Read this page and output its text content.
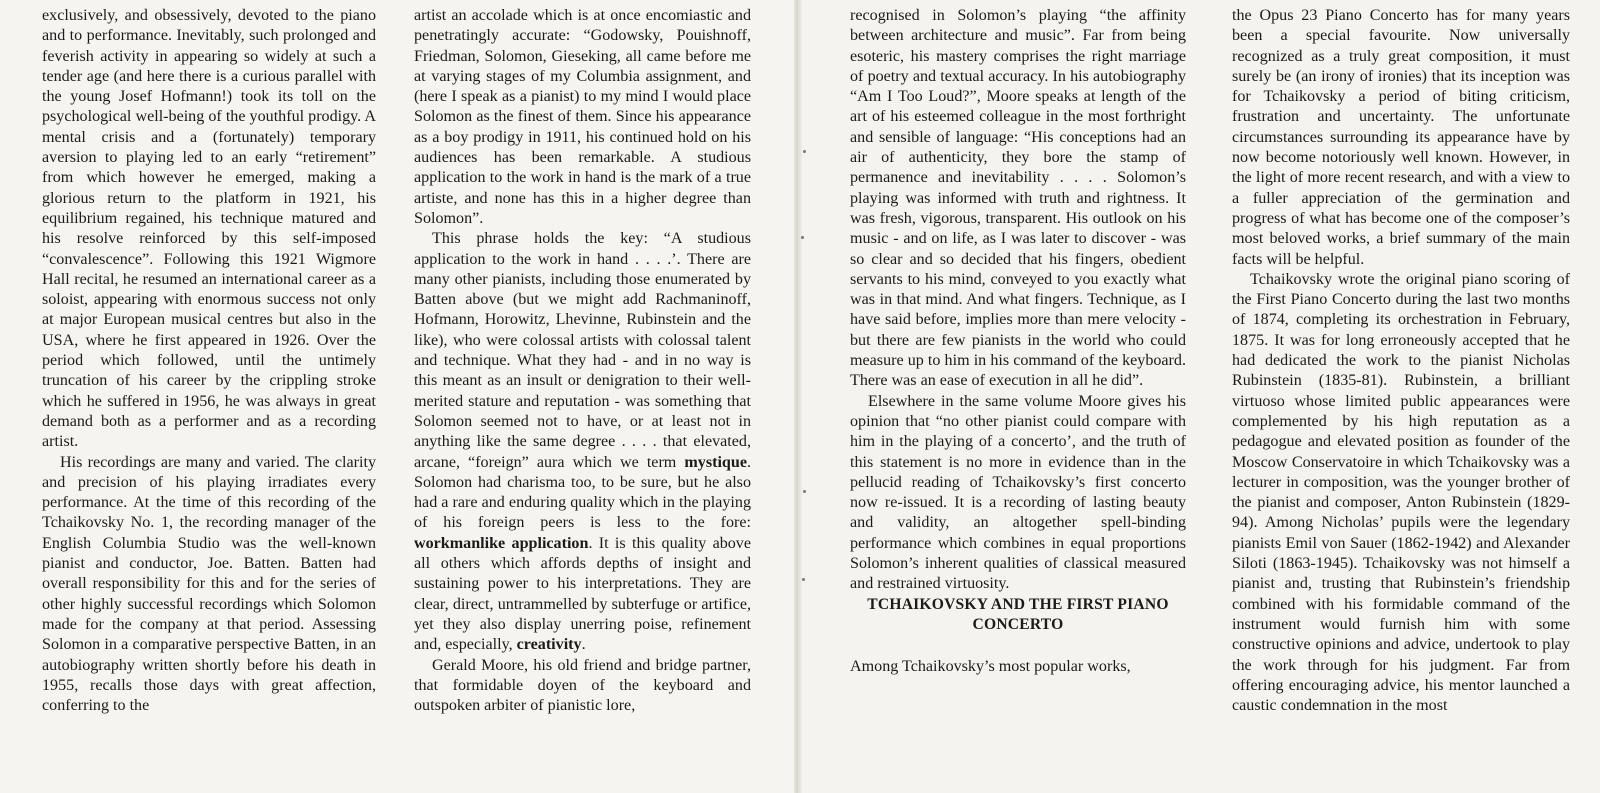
exclusively, and obsessively, devoted to the piano and to performance. Inevitably, such prolonged and feverish activity in appearing so widely at such a tender age (and here there is a curious parallel with the young Josef Hofmann!) took its toll on the psychological well-being of the youthful prodigy. A mental crisis and a (fortunately) temporary aversion to playing led to an early “retirement” from which however he emerged, making a glorious return to the platform in 1921, his equilibrium regained, his technique matured and his resolve reinforced by this self-imposed “convalescence”. Following this 1921 Wigmore Hall recital, he resumed an international career as a soloist, appearing with enormous success not only at major European musical centres but also in the USA, where he first appeared in 1926. Over the period which followed, until the untimely truncation of his career by the crippling stroke which he suffered in 1956, he was always in great demand both as a performer and as a recording artist.

His recordings are many and varied. The clarity and precision of his playing irradiates every performance. At the time of this recording of the Tchaikovsky No. 1, the recording manager of the English Columbia Studio was the well-known pianist and conductor, Joe. Batten. Batten had overall responsibility for this and for the series of other highly successful recordings which Solomon made for the company at that period. Assessing Solomon in a comparative perspective Batten, in an autobiography written shortly before his death in 1955, recalls those days with great affection, conferring to the

artist an accolade which is at once encomiastic and penetratingly accurate: “Godowsky, Pouishnoff, Friedman, Solomon, Gieseking, all came before me at varying stages of my Columbia assignment, and (here I speak as a pianist) to my mind I would place Solomon as the finest of them. Since his appearance as a boy prodigy in 1911, his continued hold on his audiences has been remarkable. A studious application to the work in hand is the mark of a true artiste, and none has this in a higher degree than Solomon”.

This phrase holds the key: “A studious application to the work in hand . . . .’. There are many other pianists, including those enumerated by Batten above (but we might add Rachmaninoff, Hofmann, Horowitz, Lhevinne, Rubinstein and the like), who were colossal artists with colossal talent and technique. What they had - and in no way is this meant as an insult or denigration to their well-merited stature and reputation - was something that Solomon seemed not to have, or at least not in anything like the same degree . . . . that elevated, arcane, “foreign” aura which we term mystique. Solomon had charisma too, to be sure, but he also had a rare and enduring quality which in the playing of his foreign peers is less to the fore: workmanlike application. It is this quality above all others which affords depths of insight and sustaining power to his interpretations. They are clear, direct, untrammelled by subterfuge or artifice, yet they also display unerring poise, refinement and, especially, creativity.

Gerald Moore, his old friend and bridge partner, that formidable doyen of the keyboard and outspoken arbiter of pianistic lore,

recognised in Solomon’s playing “the affinity between architecture and music”. Far from being esoteric, his mastery comprises the right marriage of poetry and textual accuracy. In his autobiography “Am I Too Loud?”, Moore speaks at length of the art of his esteemed colleague in the most forthright and sensible of language: “His conceptions had an air of authenticity, they bore the stamp of permanence and inevitability . . . . Solomon’s playing was informed with truth and rightness. It was fresh, vigorous, transparent. His outlook on his music - and on life, as I was later to discover - was so clear and so decided that his fingers, obedient servants to his mind, conveyed to you exactly what was in that mind. And what fingers. Technique, as I have said before, implies more than mere velocity - but there are few pianists in the world who could measure up to him in his command of the keyboard. There was an ease of execution in all he did”.

Elsewhere in the same volume Moore gives his opinion that “no other pianist could compare with him in the playing of a concerto’, and the truth of this statement is no more in evidence than in the pellucid reading of Tchaikovsky’s first concerto now re-issued. It is a recording of lasting beauty and validity, an altogether spell-binding performance which combines in equal proportions Solomon’s inherent qualities of classical measured and restrained virtuosity.

TCHAIKOVSKY AND THE FIRST PIANO CONCERTO

Among Tchaikovsky’s most popular works,

the Opus 23 Piano Concerto has for many years been a special favourite. Now universally recognized as a truly great composition, it must surely be (an irony of ironies) that its inception was for Tchaikovsky a period of biting criticism, frustration and uncertainty. The unfortunate circumstances surrounding its appearance have by now become notoriously well known. However, in the light of more recent research, and with a view to a fuller appreciation of the germination and progress of what has become one of the composer’s most beloved works, a brief summary of the main facts will be helpful.

Tchaikovsky wrote the original piano scoring of the First Piano Concerto during the last two months of 1874, completing its orchestration in February, 1875. It was for long erroneously accepted that he had dedicated the work to the pianist Nicholas Rubinstein (1835-81). Rubinstein, a brilliant virtuoso whose limited public appearances were complemented by his high reputation as a pedagogue and elevated position as founder of the Moscow Conservatoire in which Tchaikovsky was a lecturer in composition, was the younger brother of the pianist and composer, Anton Rubinstein (1829-94). Among Nicholas’ pupils were the legendary pianists Emil von Sauer (1862-1942) and Alexander Siloti (1863-1945). Tchaikovsky was not himself a pianist and, trusting that Rubinstein’s friendship combined with his formidable command of the instrument would furnish him with some constructive opinions and advice, undertook to play the work through for his judgment. Far from offering encouraging advice, his mentor launched a caustic condemnation in the most
